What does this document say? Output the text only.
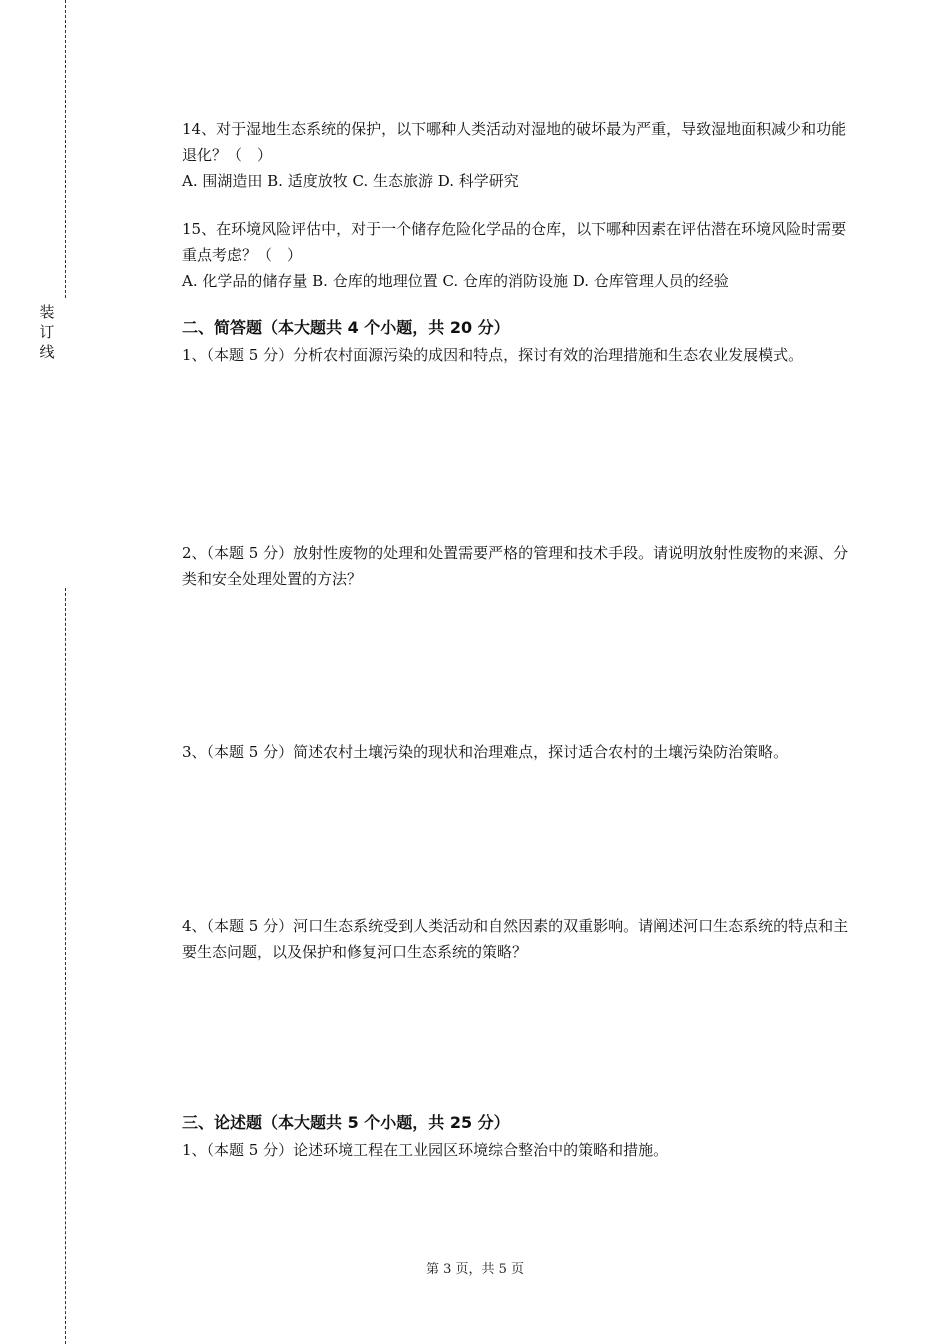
装
订
线

14、对于湿地生态系统的保护，以下哪种人类活动对湿地的破坏最为严重，导致湿地面积减少和功能退化？（　）

A. 围湖造田 B. 适度放牧 C. 生态旅游 D. 科学研究

15、在环境风险评估中，对于一个储存危险化学品的仓库，以下哪种因素在评估潜在环境风险时需要重点考虑？（　）

A. 化学品的储存量 B. 仓库的地理位置 C. 仓库的消防设施 D. 仓库管理人员的经验

二、简答题（本大题共 4 个小题，共 20 分）

1、（本题 5 分）分析农村面源污染的成因和特点，探讨有效的治理措施和生态农业发展模式。

2、（本题 5 分）放射性废物的处理和处置需要严格的管理和技术手段。请说明放射性废物的来源、分类和安全处理处置的方法？

3、（本题 5 分）简述农村土壤污染的现状和治理难点，探讨适合农村的土壤污染防治策略。

4、（本题 5 分）河口生态系统受到人类活动和自然因素的双重影响。请阐述河口生态系统的特点和主要生态问题，以及保护和修复河口生态系统的策略？

三、论述题（本大题共 5 个小题，共 25 分）

1、（本题 5 分）论述环境工程在工业园区环境综合整治中的策略和措施。

第 3 页，共 5 页
